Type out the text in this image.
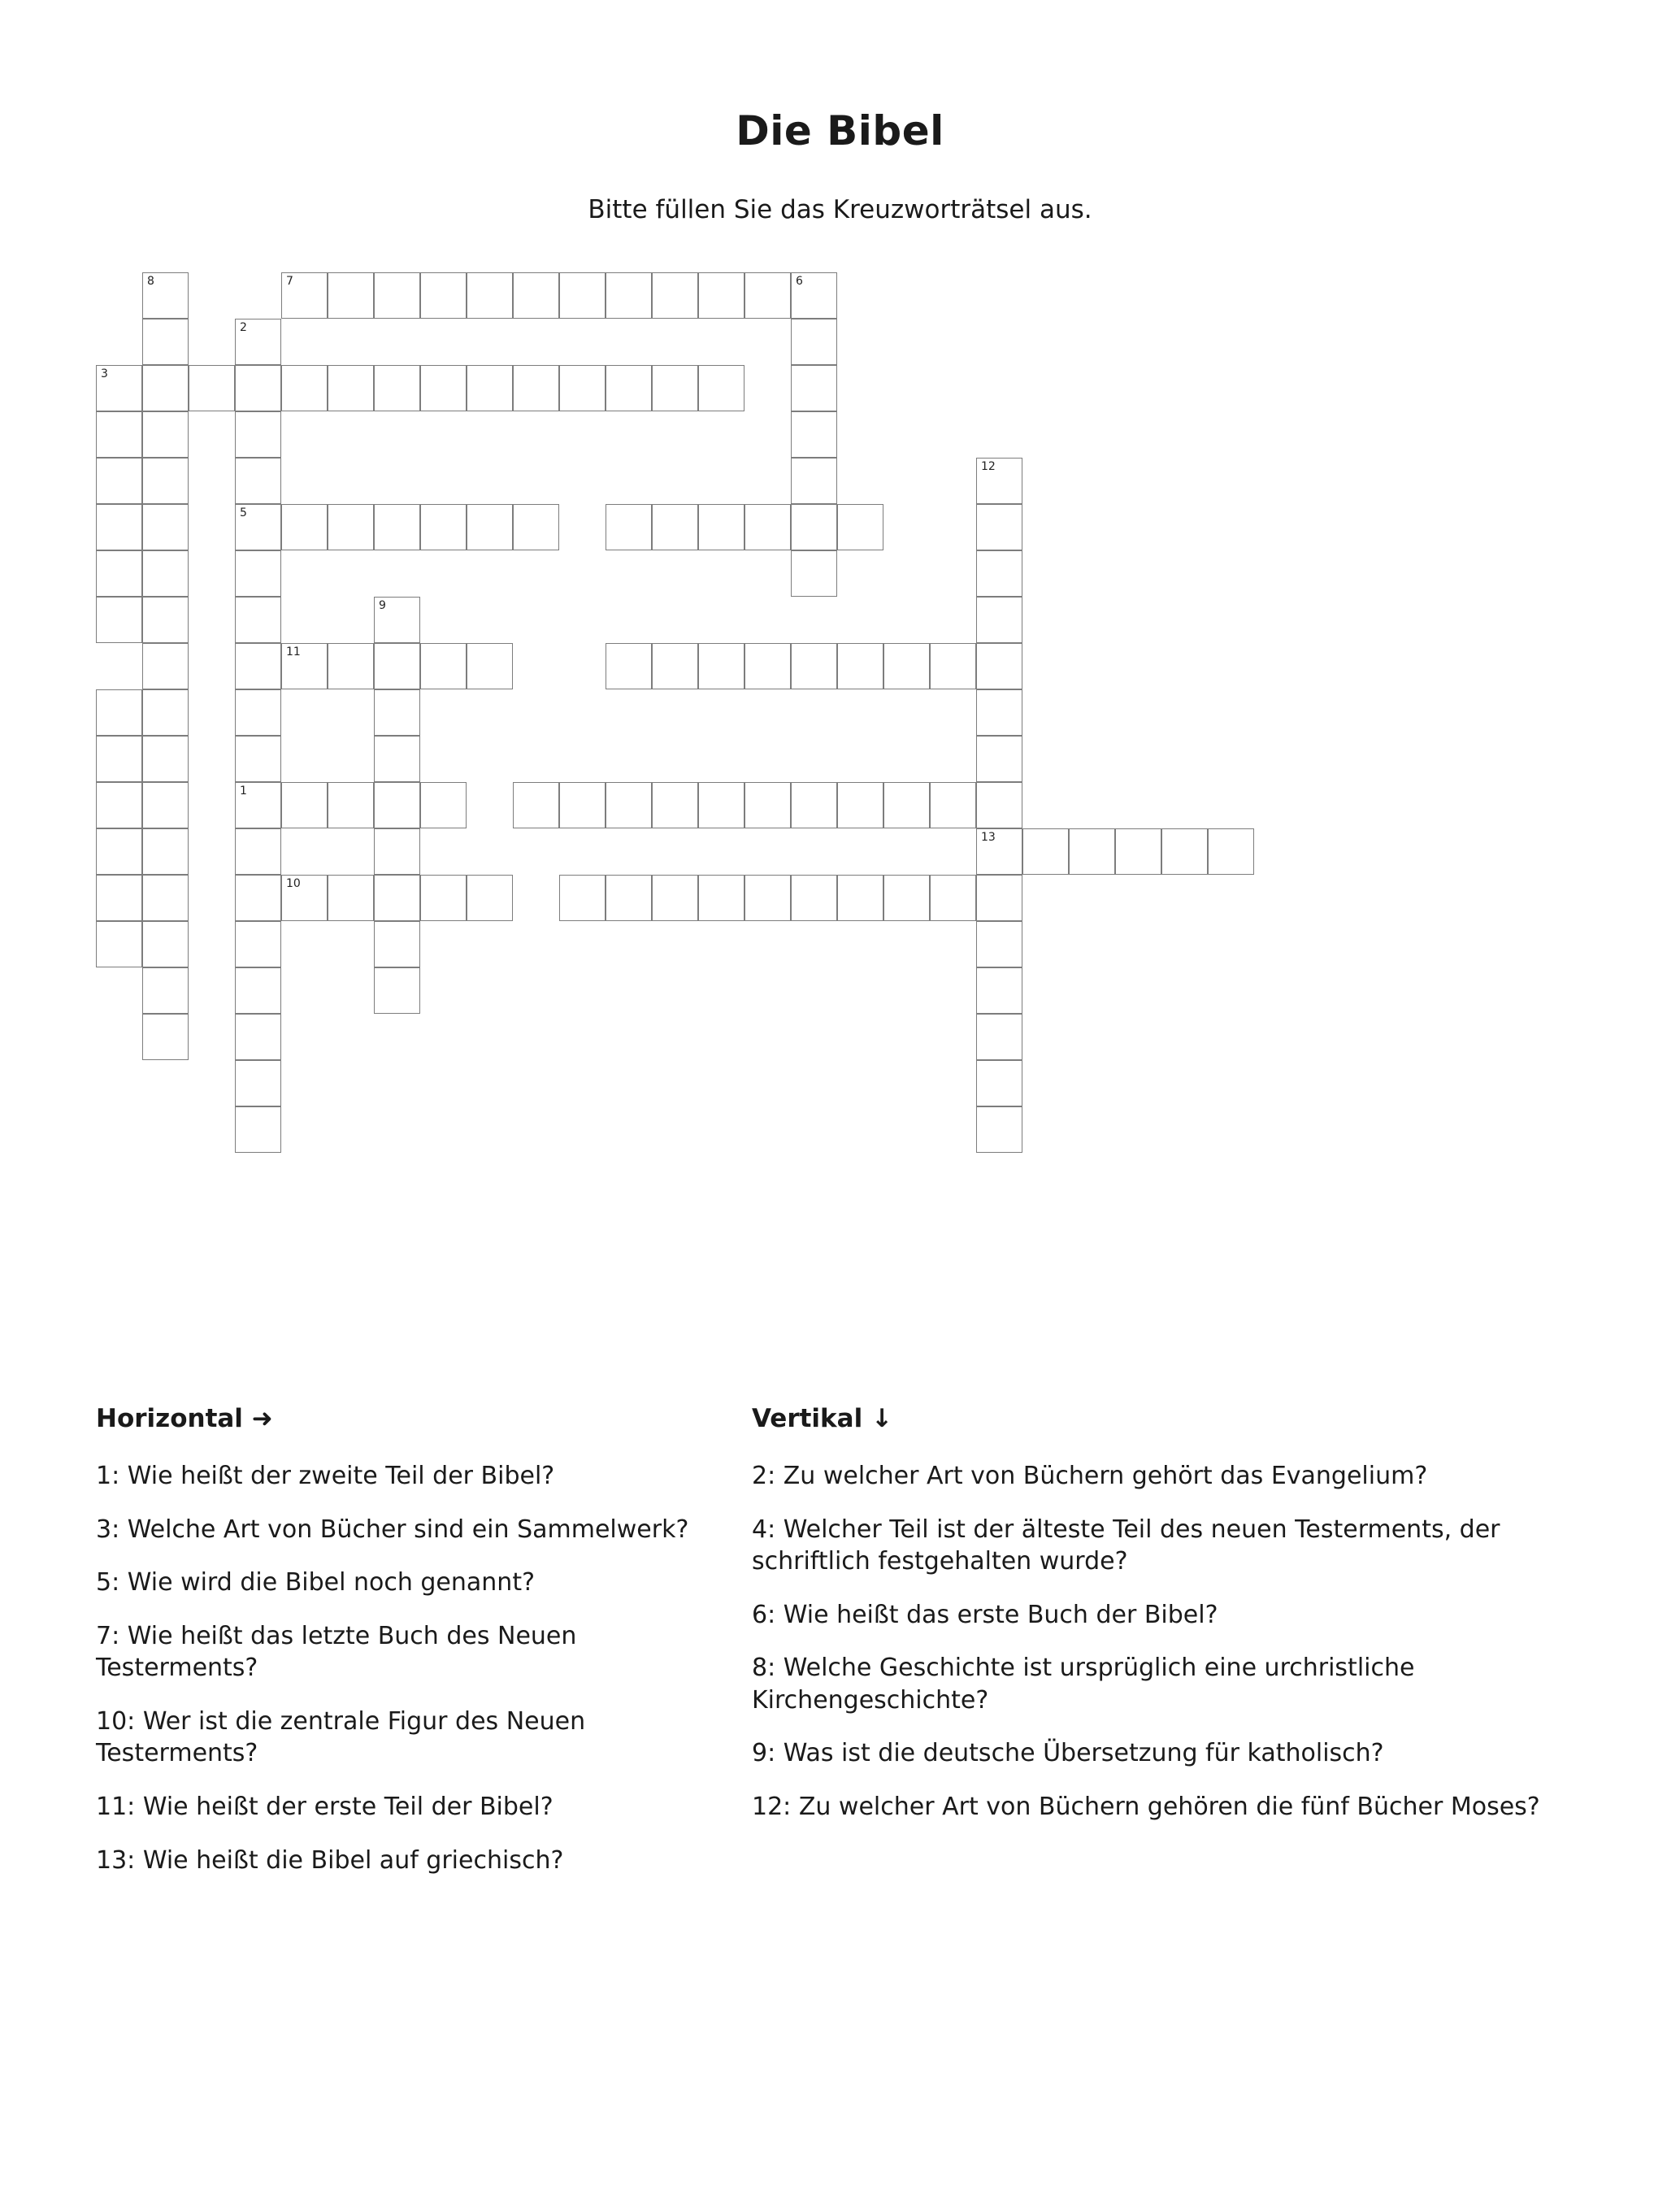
Die Bibel
Bitte füllen Sie das Kreuzworträtsel aus.
8	7	6
2
3
12
5
9
11
1
13
10
Horizontal ➜

1: Wie heißt der zweite Teil der Bibel?

3: Welche Art von Bücher sind ein Sammelwerk?

5: Wie wird die Bibel noch genannt?

7: Wie heißt das letzte Buch des Neuen Testerments?

10: Wer ist die zentrale Figur des Neuen Testerments?

11: Wie heißt der erste Teil der Bibel?

13: Wie heißt die Bibel auf griechisch?

Vertikal ↓

2: Zu welcher Art von Büchern gehört das Evangelium?

4: Welcher Teil ist der älteste Teil des neuen Testerments, der schriftlich festgehalten wurde?

6: Wie heißt das erste Buch der Bibel?

8: Welche Geschichte ist ursprüglich eine urchristliche Kirchengeschichte?

9: Was ist die deutsche Übersetzung für katholisch?

12: Zu welcher Art von Büchern gehören die fünf Bücher Moses?
